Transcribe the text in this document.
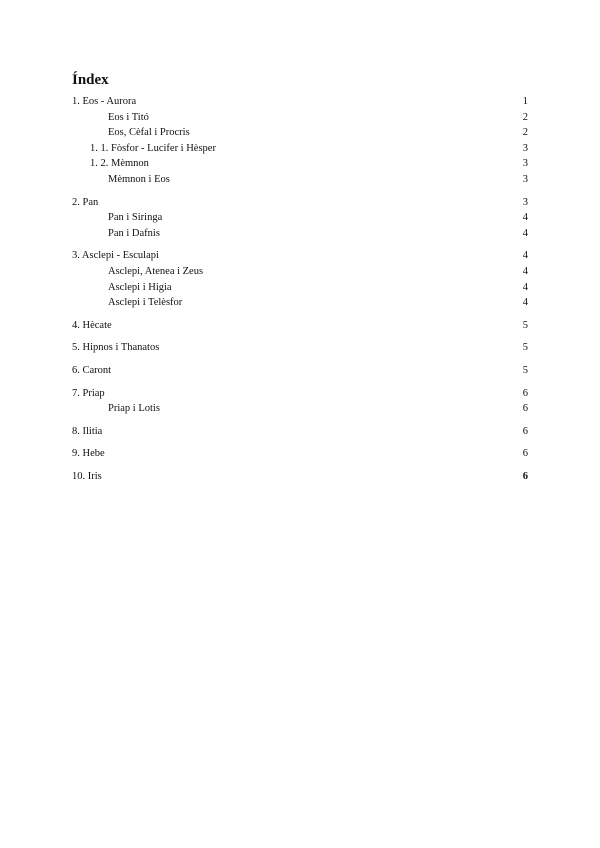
Índex
1. Eos - Aurora	1
Eos i Titó	2
Eos, Cèfal i Procris	2
1. 1. Fòsfor - Lucifer i Hèsper	3
1. 2. Mèmnon	3
Mèmnon i Eos	3
2. Pan	3
Pan i Siringa	4
Pan i Dafnis	4
3. Asclepi - Esculapi	4
Asclepi, Atenea i Zeus	4
Asclepi i Higia	4
Asclepi i Telèsfor	4
4. Hècate	5
5. Hipnos i Thanatos	5
6. Caront	5
7. Priap	6
Priap i Lotis	6
8. Ilitia	6
9. Hebe	6
10. Iris	6
